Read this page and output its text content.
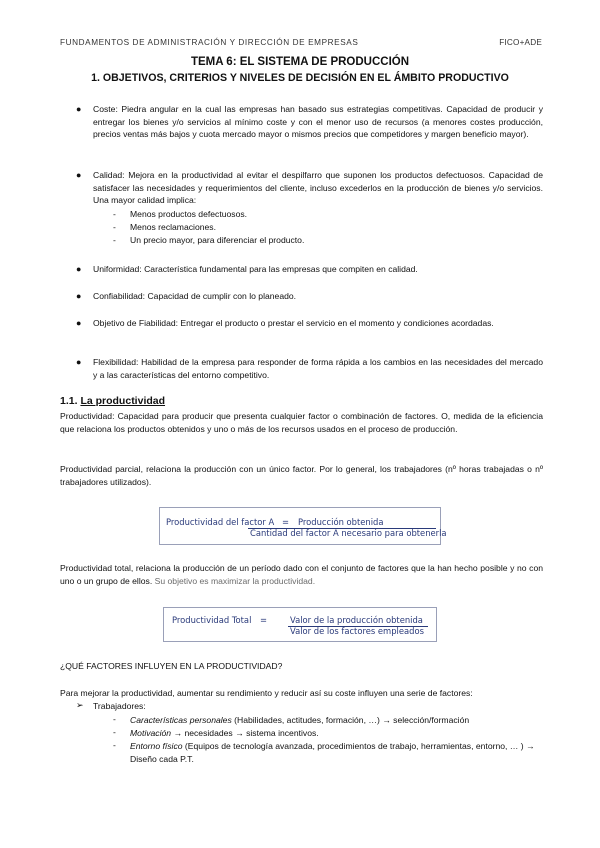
FUNDAMENTOS DE ADMINISTRACIÓN Y DIRECCIÓN DE EMPRESAS	FICO+ADE
TEMA 6: EL SISTEMA DE PRODUCCIÓN
1. OBJETIVOS, CRITERIOS Y NIVELES DE DECISIÓN EN EL ÁMBITO PRODUCTIVO
● Coste: Piedra angular en la cual las empresas han basado sus estrategias competitivas. Capacidad de producir y entregar los bienes y/o servicios al mínimo coste y con el menor uso de recursos (a menores costes producción, precios ventas más bajos y cuota mercado mayor o mismos precios que competidores y margen beneficio mayor).
● Calidad: Mejora en la productividad al evitar el despilfarro que suponen los productos defectuosos. Capacidad de satisfacer las necesidades y requerimientos del cliente, incluso excederlos en la producción de bienes y/o servicios. Una mayor calidad implica:
- Menos productos defectuosos.
- Menos reclamaciones.
- Un precio mayor, para diferenciar el producto.
● Uniformidad: Característica fundamental para las empresas que compiten en calidad.
● Confiabilidad: Capacidad de cumplir con lo planeado.
● Objetivo de Fiabilidad: Entregar el producto o prestar el servicio en el momento y condiciones acordadas.
● Flexibilidad: Habilidad de la empresa para responder de forma rápida a los cambios en las necesidades del mercado y a las características del entorno competitivo.
1.1. La productividad
Productividad: Capacidad para producir que presenta cualquier factor o combinación de factores. O, medida de la eficiencia que relaciona los productos obtenidos y uno o más de los recursos usados en el proceso de producción.
Productividad parcial, relaciona la producción con un único factor. Por lo general, los trabajadores (nº horas trabajadas o nº trabajadores utilizados).
Productividad del factor A = Producción obtenida
Cantidad del factor A necesario para obtenerla
Productividad total, relaciona la producción de un período dado con el conjunto de factores que la han hecho posible y no con uno o un grupo de ellos. Su objetivo es maximizar la productividad.
Productividad Total =	Valor de la producción obtenida
Valor de los factores empleados
¿QUÉ FACTORES INFLUYEN EN LA PRODUCTIVIDAD?
Para mejorar la productividad, aumentar su rendimiento y reducir así su coste influyen una serie de factores:
➢ Trabajadores:
- Características personales (Habilidades, actitudes, formación, …) → selección/formación
- Motivación → necesidades → sistema incentivos.
- Entorno físico (Equipos de tecnología avanzada, procedimientos de trabajo, herramientas, entorno, … ) → Diseño cada P.T.
